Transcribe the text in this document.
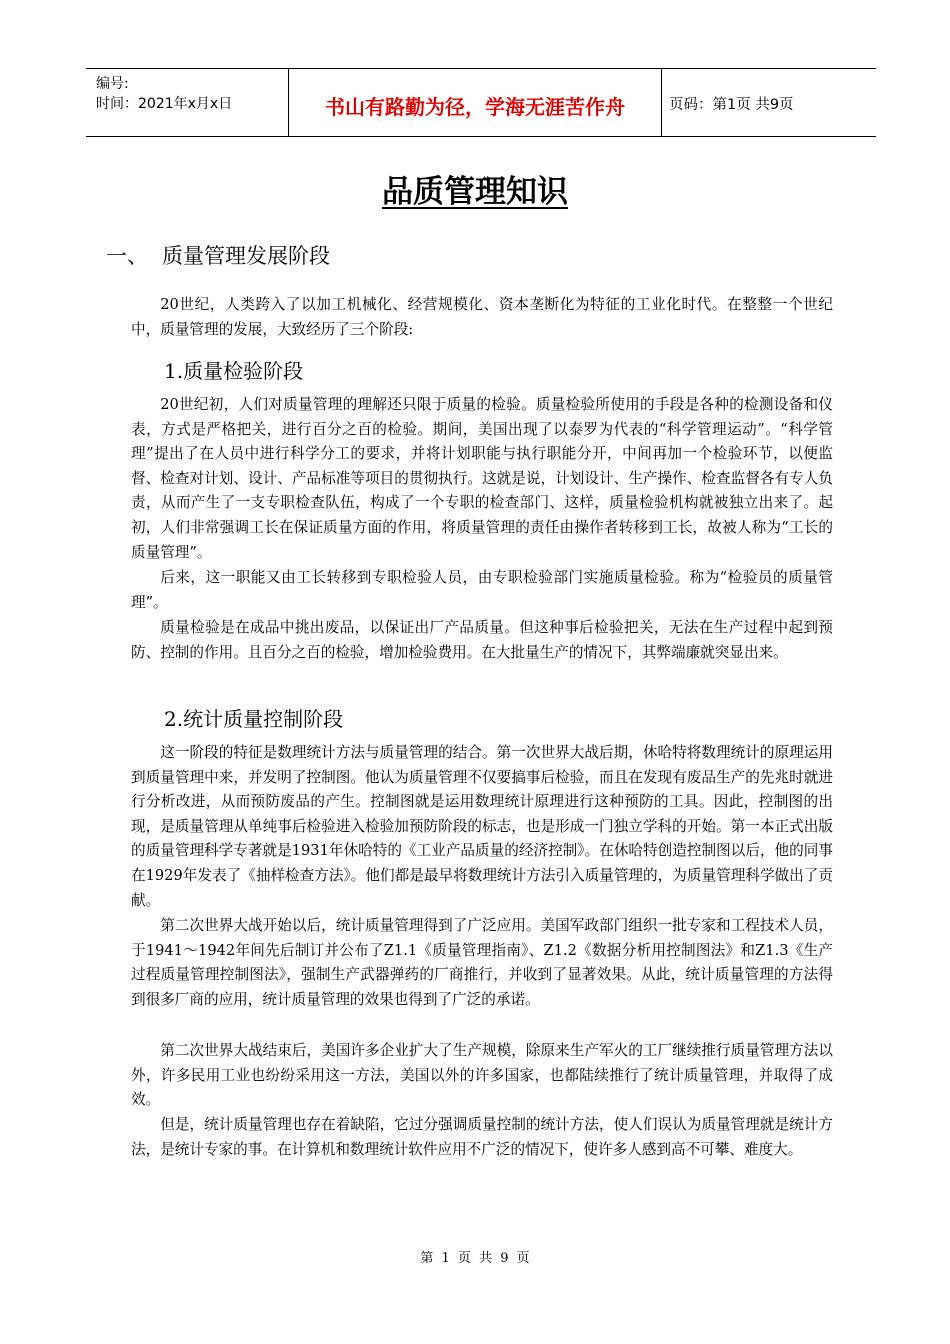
编号:
时间：2021年x月x日	书山有路勤为径，学海无涯苦作舟	页码：第1页 共9页
品质管理知识
一、 质量管理发展阶段
20世纪，人类跨入了以加工机械化、经营规模化、资本垄断化为特征的工业化时代。在整整一个世纪中，质量管理的发展，大致经历了三个阶段:
1.质量检验阶段
20世纪初，人们对质量管理的理解还只限于质量的检验。质量检验所使用的手段是各种的检测设备和仪表，方式是严格把关，进行百分之百的检验。期间，美国出现了以泰罗为代表的“科学管理运动”。“科学管理”提出了在人员中进行科学分工的要求，并将计划职能与执行职能分开，中间再加一个检验环节，以便监督、检查对计划、设计、产品标准等项目的贯彻执行。这就是说，计划设计、生产操作、检查监督各有专人负责，从而产生了一支专职检查队伍，构成了一个专职的检查部门、这样，质量检验机构就被独立出来了。起初，人们非常强调工长在保证质量方面的作用，将质量管理的责任由操作者转移到工长，故被人称为“工长的质量管理”。
后来，这一职能又由工长转移到专职检验人员，由专职检验部门实施质量检验。称为“检验员的质量管理”。
质量检验是在成品中挑出废品，以保证出厂产品质量。但这种事后检验把关，无法在生产过程中起到预防、控制的作用。且百分之百的检验，增加检验费用。在大批量生产的情况下，其弊端廉就突显出来。
2.统计质量控制阶段
这一阶段的特征是数理统计方法与质量管理的结合。第一次世界大战后期，休哈特将数理统计的原理运用到质量管理中来，并发明了控制图。他认为质量管理不仅要搞事后检验，而且在发现有废品生产的先兆时就进行分析改进，从而预防废品的产生。控制图就是运用数理统计原理进行这种预防的工具。因此，控制图的出现，是质量管理从单纯事后检验进入检验加预防阶段的标志，也是形成一门独立学科的开始。第一本正式出版的质量管理科学专著就是1931年休哈特的《工业产品质量的经济控制》。在休哈特创造控制图以后，他的同事在1929年发表了《抽样检查方法》。他们都是最早将数理统计方法引入质量管理的，为质量管理科学做出了贡献。
第二次世界大战开始以后，统计质量管理得到了广泛应用。美国军政部门组织一批专家和工程技术人员，于1941～1942年间先后制订并公布了Z1.1《质量管理指南》、Z1.2《数据分析用控制图法》和Z1.3《生产过程质量管理控制图法》，强制生产武器弹药的厂商推行，并收到了显著效果。从此，统计质量管理的方法得到很多厂商的应用，统计质量管理的效果也得到了广泛的承诺。
第二次世界大战结束后，美国许多企业扩大了生产规模，除原来生产军火的工厂继续推行质量管理方法以外，许多民用工业也纷纷采用这一方法，美国以外的许多国家，也都陆续推行了统计质量管理，并取得了成效。
但是，统计质量管理也存在着缺陷，它过分强调质量控制的统计方法，使人们误认为质量管理就是统计方法，是统计专家的事。在计算机和数理统计软件应用不广泛的情况下，使许多人感到高不可攀、难度大。
第 1 页 共 9 页
